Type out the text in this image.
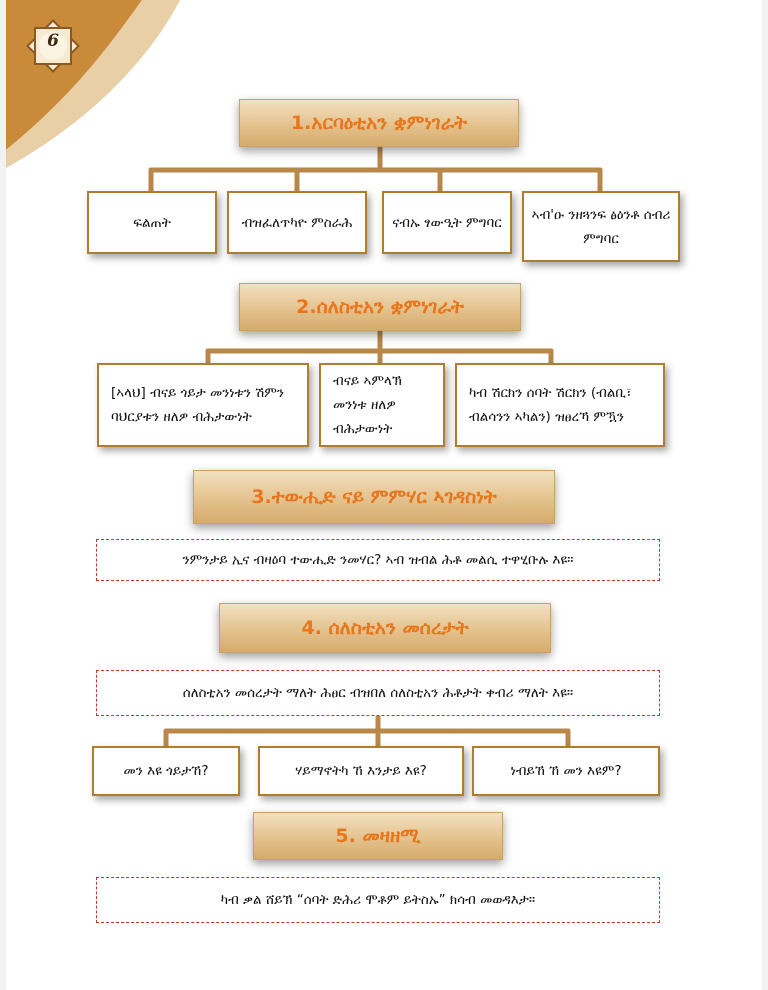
6
1.አርባዕቲአን ቋምነገራት
ፍልጠት	ብዝፈለጥካዮ ምስራሕ	ናብኡ ፃውዒት ምግባር	ኣብ'ዑ ንዘጓንፍ ፅዕንቶ ሰብሪ ምግባር
2.ሰለስቲአን ቋምነገራት
[ኣላህ] ብናይ ጎይታ መንነቱን ሽምን ባህርያቱን ዘለዎ ብሕታውነት
ብናይ ኣምላኽ መንነቱ ዘለዎ ብሕታውነት
ካብ ሽርክን ሰባት ሽርክን (ብልቢ፣ ብልሳንን ኣካልን) ዝፀረኻ ምዃን
3.ተውሒድ ናይ ምምሃር ኣገዳስነት
ንምንታይ ኢና ብዛዕባ ተውሒድ ንመሃር? ኣብ ዝብል ሕቶ መልሲ ተዋሂቡሉ እዩ።
4. ሰለስቲአን መሰረታት
ሰለስቲአን መሰረታት ማለት ሕፀር ብዝበለ ሰለስቲአን ሕቶታት ቀብሪ ማለት እዩ።
መን እዩ ጎይታኸ?	ሃይማኖትካ ኸ እንታይ እዩ?	ነብይኸ ኸ መን እዩም?
5. መዛዘሚ
ካብ ቃል ሸይኽ “ሰባት ድሕሪ ሞቶም ይትስኡ” ክሳብ መወዳእታ።
